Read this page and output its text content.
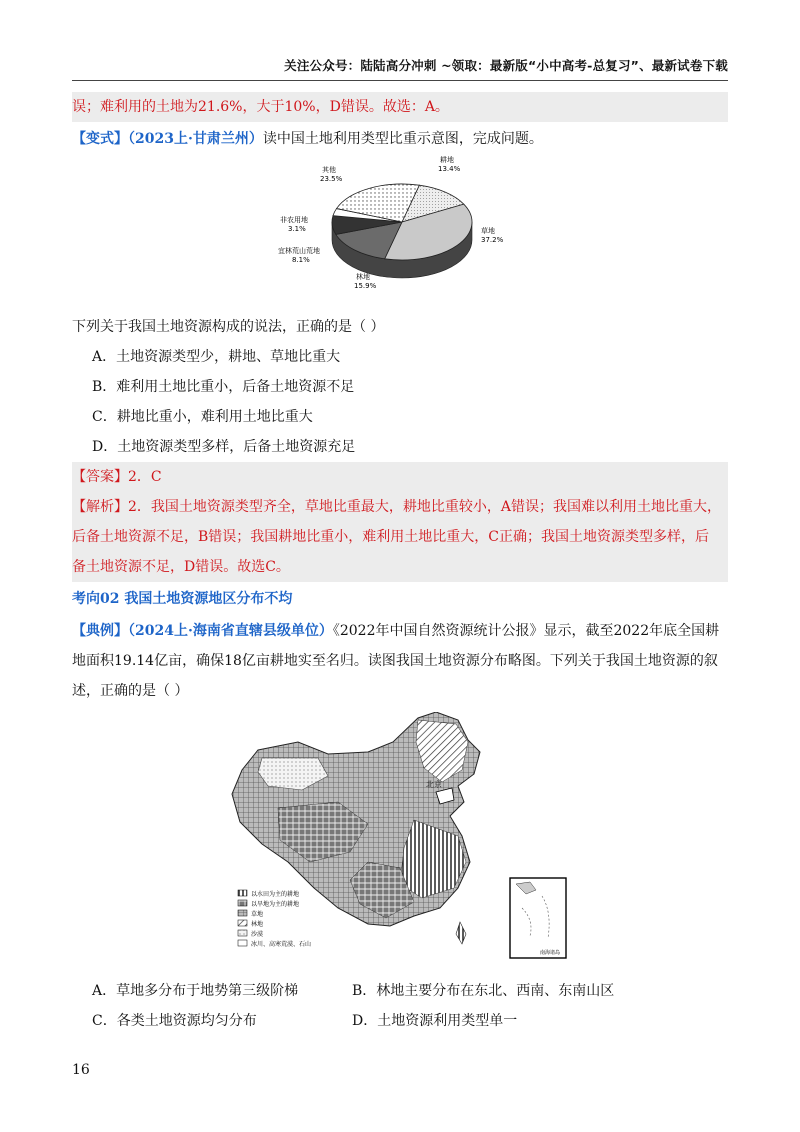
关注公众号：陆陆高分冲刺 ~领取：最新版“小中高考-总复习”、最新试卷下载
误；难利用的土地为21.6%，大于10%，D错误。故选：A。
【变式】（2023上·甘肃兰州）读中国土地利用类型比重示意图，完成问题。
耕地
13.4%
草地
37.2%
林地
15.9%
宜林荒山荒地
8.1%
非农用地
3.1%
其他
23.5%
下列关于我国土地资源构成的说法，正确的是（ ）
A．土地资源类型少，耕地、草地比重大
B．难利用土地比重小，后备土地资源不足
C．耕地比重小，难利用土地比重大
D．土地资源类型多样，后备土地资源充足
【答案】2．C
【解析】2．我国土地资源类型齐全，草地比重最大，耕地比重较小，A错误；我国难以利用土地比重大，
后备土地资源不足，B错误；我国耕地比重小，难利用土地比重大，C正确；我国土地资源类型多样，后
备土地资源不足，D错误。故选C。
考向02 我国土地资源地区分布不均
【典例】（2024上·海南省直辖县级单位）《2022年中国自然资源统计公报》显示，截至2022年底全国耕
地面积19.14亿亩，确保18亿亩耕地实至名归。读图我国土地资源分布略图。下列关于我国土地资源的叙
述，正确的是（ ）
北京
以水田为主的耕地
以旱地为主的耕地
草地
林地
沙漠
冰川、高寒荒漠、石山
南海诸岛
A．草地多分布于地势第三级阶梯	B．林地主要分布在东北、西南、东南山区
C．各类土地资源均匀分布	D．土地资源利用类型单一
16
